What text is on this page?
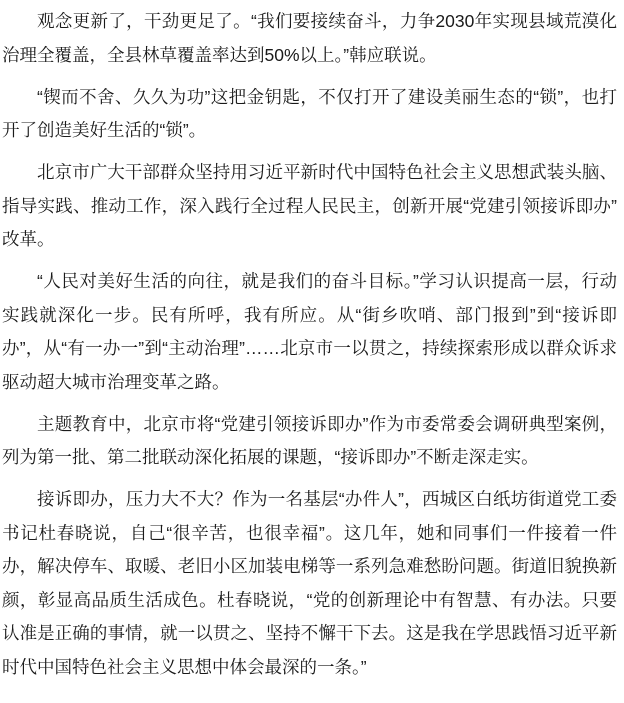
观念更新了，干劲更足了。“我们要接续奋斗，力争2030年实现县域荒漠化治理全覆盖，全县林草覆盖率达到50%以上。”韩应联说。

“锲而不舍、久久为功”这把金钥匙，不仅打开了建设美丽生态的“锁”，也打开了创造美好生活的“锁”。

北京市广大干部群众坚持用习近平新时代中国特色社会主义思想武装头脑、指导实践、推动工作，深入践行全过程人民民主，创新开展“党建引领接诉即办”改革。

“人民对美好生活的向往，就是我们的奋斗目标。”学习认识提高一层，行动实践就深化一步。民有所呼，我有所应。从“街乡吹哨、部门报到”到“接诉即办”，从“有一办一”到“主动治理”……北京市一以贯之，持续探索形成以群众诉求驱动超大城市治理变革之路。

主题教育中，北京市将“党建引领接诉即办”作为市委常委会调研典型案例，列为第一批、第二批联动深化拓展的课题，“接诉即办”不断走深走实。

接诉即办，压力大不大？作为一名基层“办件人”，西城区白纸坊街道党工委书记杜春晓说，自己“很辛苦，也很幸福”。这几年，她和同事们一件接着一件办，解决停车、取暖、老旧小区加装电梯等一系列急难愁盼问题。街道旧貌换新颜，彰显高品质生活成色。杜春晓说，“党的创新理论中有智慧、有办法。只要认准是正确的事情，就一以贯之、坚持不懈干下去。这是我在学思践悟习近平新时代中国特色社会主义思想中体会最深的一条。”
